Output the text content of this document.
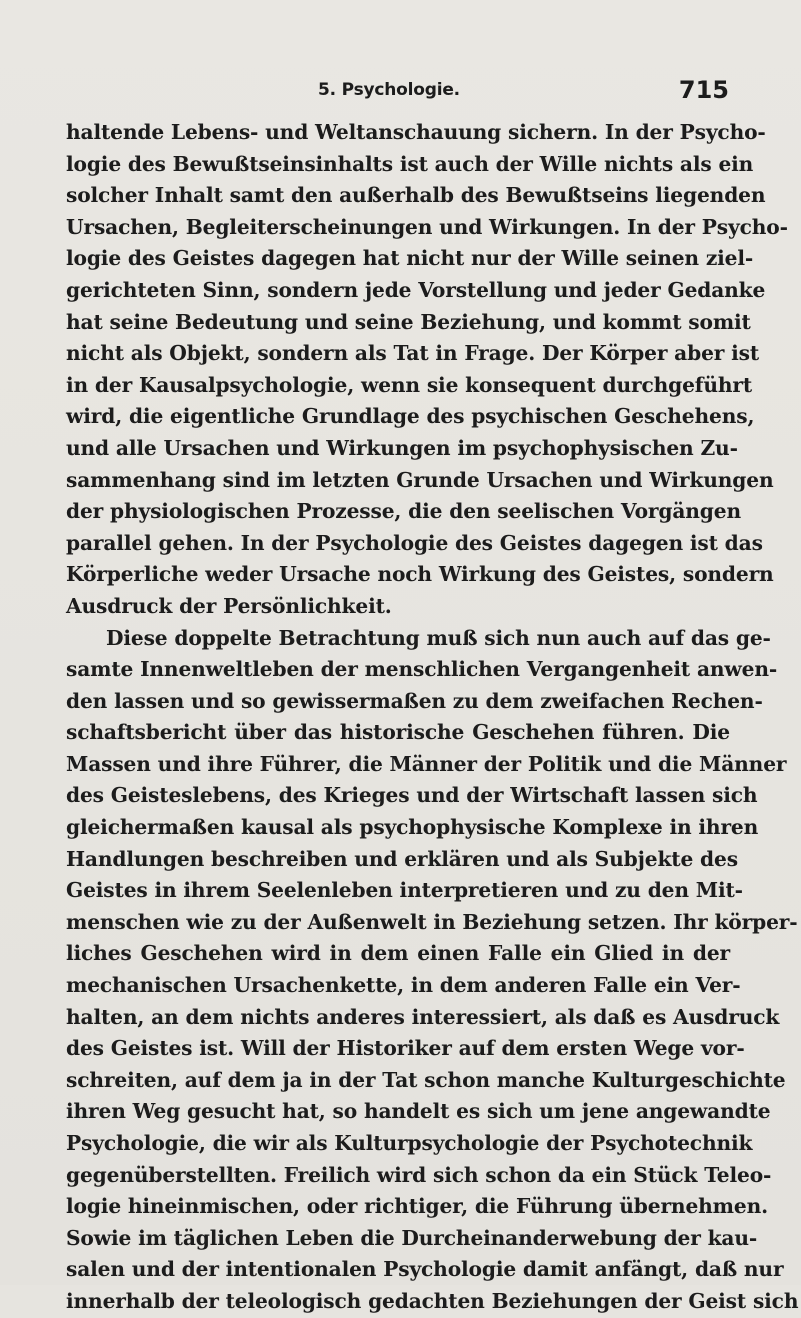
5. Psychologie.	715
haltende Lebens- und Weltanschauung sichern. In der Psycho-
logie des Bewußtseinsinhalts ist auch der Wille nichts als ein
solcher Inhalt samt den außerhalb des Bewußtseins liegenden
Ursachen, Begleiterscheinungen und Wirkungen. In der Psycho-
logie des Geistes dagegen hat nicht nur der Wille seinen ziel-
gerichteten Sinn, sondern jede Vorstellung und jeder Gedanke
hat seine Bedeutung und seine Beziehung, und kommt somit
nicht als Objekt, sondern als Tat in Frage. Der Körper aber ist
in der Kausalpsychologie, wenn sie konsequent durchgeführt
wird, die eigentliche Grundlage des psychischen Geschehens,
und alle Ursachen und Wirkungen im psychophysischen Zu-
sammenhang sind im letzten Grunde Ursachen und Wirkungen
der physiologischen Prozesse, die den seelischen Vorgängen
parallel gehen. In der Psychologie des Geistes dagegen ist das
Körperliche weder Ursache noch Wirkung des Geistes, sondern
Ausdruck der Persönlichkeit.
Diese doppelte Betrachtung muß sich nun auch auf das ge-
samte Innenweltleben der menschlichen Vergangenheit anwen-
den lassen und so gewissermaßen zu dem zweifachen Rechen-
schaftsbericht über das historische Geschehen führen. Die
Massen und ihre Führer, die Männer der Politik und die Männer
des Geisteslebens, des Krieges und der Wirtschaft lassen sich
gleichermaßen kausal als psychophysische Komplexe in ihren
Handlungen beschreiben und erklären und als Subjekte des
Geistes in ihrem Seelenleben interpretieren und zu den Mit-
menschen wie zu der Außenwelt in Beziehung setzen. Ihr körper-
liches Geschehen wird in dem einen Falle ein Glied in der
mechanischen Ursachenkette, in dem anderen Falle ein Ver-
halten, an dem nichts anderes interessiert, als daß es Ausdruck
des Geistes ist. Will der Historiker auf dem ersten Wege vor-
schreiten, auf dem ja in der Tat schon manche Kulturgeschichte
ihren Weg gesucht hat, so handelt es sich um jene angewandte
Psychologie, die wir als Kulturpsychologie der Psychotechnik
gegenüberstellten. Freilich wird sich schon da ein Stück Teleo-
logie hineinmischen, oder richtiger, die Führung übernehmen.
Sowie im täglichen Leben die Durcheinanderwebung der kau-
salen und der intentionalen Psychologie damit anfängt, daß nur
innerhalb der teleologisch gedachten Beziehungen der Geist sich
